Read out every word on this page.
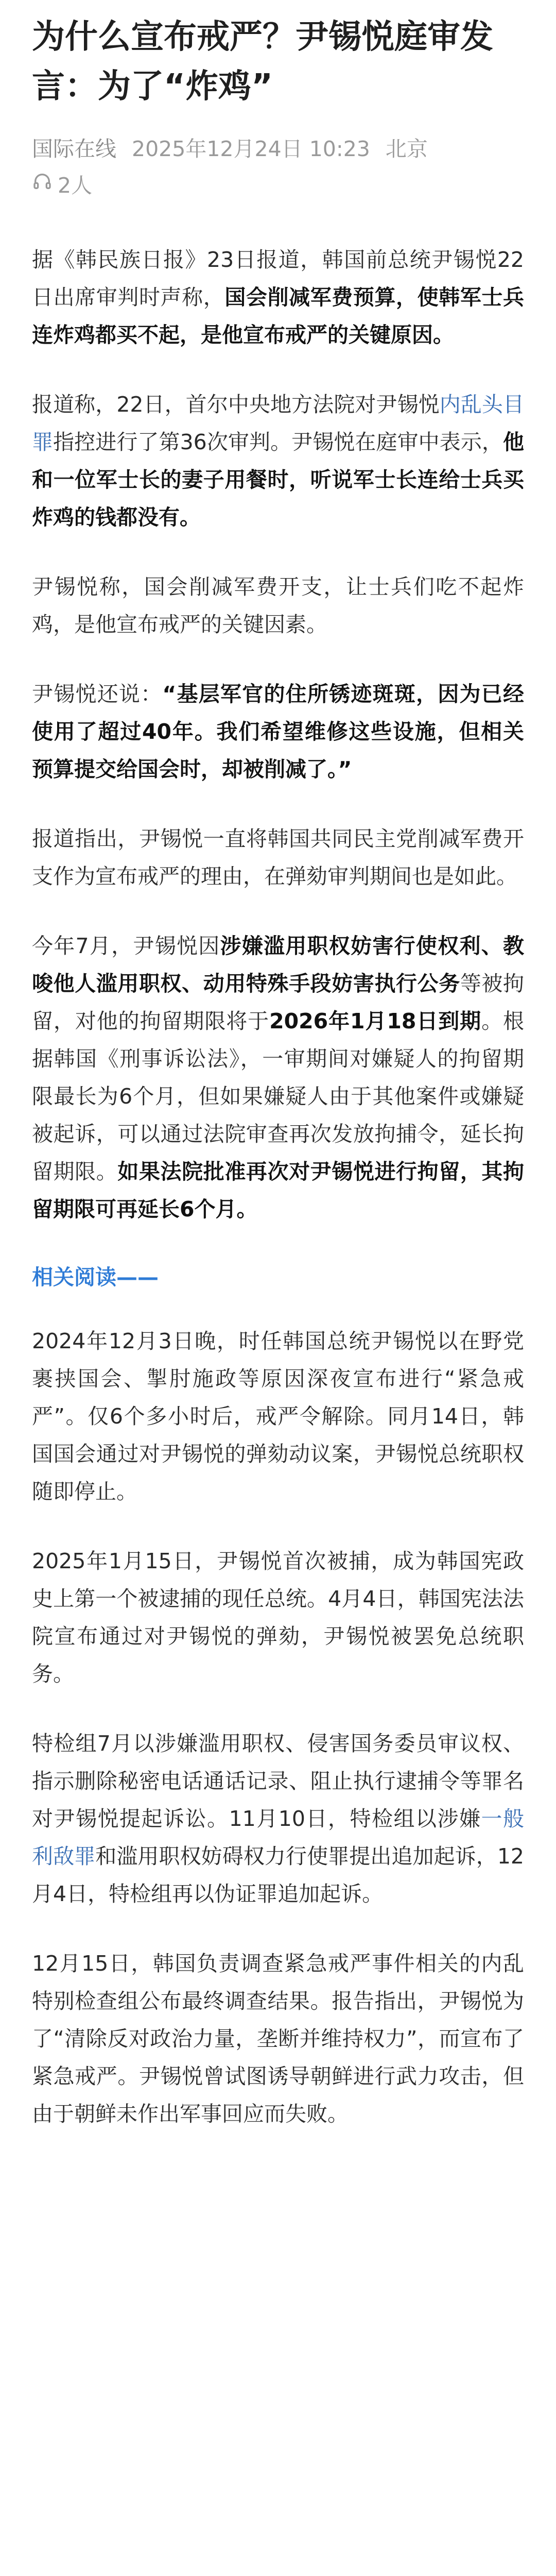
为什么宣布戒严？尹锡悦庭审发言：为了“炸鸡”
国际在线 2025年12月24日 10:23 北京
2人

据《韩民族日报》23日报道，韩国前总统尹锡悦22日出席审判时声称，国会削减军费预算，使韩军士兵连炸鸡都买不起，是他宣布戒严的关键原因。

报道称，22日，首尔中央地方法院对尹锡悦内乱头目罪指控进行了第36次审判。尹锡悦在庭审中表示，他和一位军士长的妻子用餐时，听说军士长连给士兵买炸鸡的钱都没有。

尹锡悦称，国会削减军费开支，让士兵们吃不起炸鸡，是他宣布戒严的关键因素。

尹锡悦还说：“基层军官的住所锈迹斑斑，因为已经使用了超过40年。我们希望维修这些设施，但相关预算提交给国会时，却被削减了。”

报道指出，尹锡悦一直将韩国共同民主党削减军费开支作为宣布戒严的理由，在弹劾审判期间也是如此。

今年7月，尹锡悦因涉嫌滥用职权妨害行使权利、教唆他人滥用职权、动用特殊手段妨害执行公务等被拘留，对他的拘留期限将于2026年1月18日到期。根据韩国《刑事诉讼法》，一审期间对嫌疑人的拘留期限最长为6个月，但如果嫌疑人由于其他案件或嫌疑被起诉，可以通过法院审查再次发放拘捕令，延长拘留期限。如果法院批准再次对尹锡悦进行拘留，其拘留期限可再延长6个月。

相关阅读——

2024年12月3日晚，时任韩国总统尹锡悦以在野党裹挟国会、掣肘施政等原因深夜宣布进行“紧急戒严”。仅6个多小时后，戒严令解除。同月14日，韩国国会通过对尹锡悦的弹劾动议案，尹锡悦总统职权随即停止。

2025年1月15日，尹锡悦首次被捕，成为韩国宪政史上第一个被逮捕的现任总统。4月4日，韩国宪法法院宣布通过对尹锡悦的弹劾，尹锡悦被罢免总统职务。

特检组7月以涉嫌滥用职权、侵害国务委员审议权、指示删除秘密电话通话记录、阻止执行逮捕令等罪名对尹锡悦提起诉讼。11月10日，特检组以涉嫌一般利敌罪和滥用职权妨碍权力行使罪提出追加起诉，12月4日，特检组再以伪证罪追加起诉。

12月15日，韩国负责调查紧急戒严事件相关的内乱特别检查组公布最终调查结果。报告指出，尹锡悦为了“清除反对政治力量，垄断并维持权力”，而宣布了紧急戒严。尹锡悦曾试图诱导朝鲜进行武力攻击，但由于朝鲜未作出军事回应而失败。
